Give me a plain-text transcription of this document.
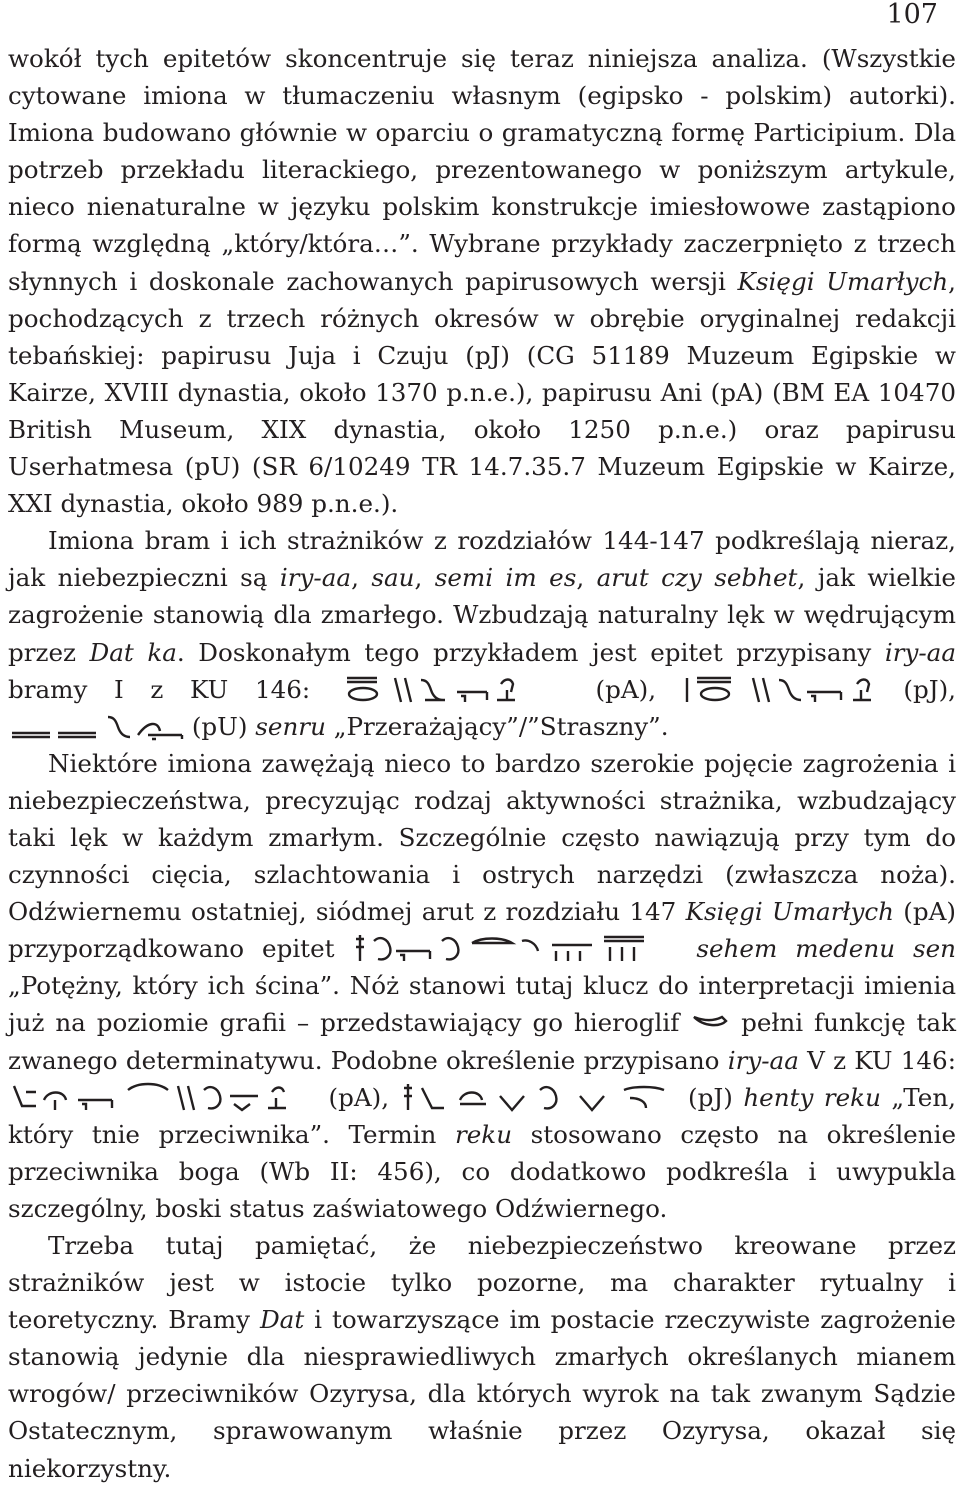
107

wokół tych epitetów skoncentruje się teraz niniejsza analiza. (Wszystkie cytowane imiona w tłumaczeniu własnym (egipsko - polskim) autorki). Imiona budowano głównie w oparciu o gramatyczną formę Participium. Dla potrzeb przekładu literackiego, prezentowanego w poniższym artykule, nieco nienaturalne w języku polskim konstrukcje imiesłowowe zastąpiono formą względną „który/która…”. Wybrane przykłady zaczerpnięto z trzech słynnych i doskonale zachowanych papirusowych wersji Księgi Umarłych, pochodzących z trzech różnych okresów w obrębie oryginalnej redakcji tebańskiej: papirusu Juja i Czuju (pJ) (CG 51189 Muzeum Egipskie w Kairze, XVIII dynastia, około 1370 p.n.e.), papirusu Ani (pA) (BM EA 10470 British Museum, XIX dynastia, około 1250 p.n.e.) oraz papirusu Userhatmesa (pU) (SR 6/10249 TR 14.7.35.7 Muzeum Egipskie w Kairze, XXI dynastia, około 989 p.n.e.).

Imiona bram i ich strażników z rozdziałów 144-147 podkreślają nieraz, jak niebezpieczni są iry-aa, sau, semi im es, arut czy sebhet, jak wielkie zagrożenie stanowią dla zmarłego. Wzbudzają naturalny lęk w wędrującym przez Dat ka. Doskonałym tego przykładem jest epitet przypisany iry-aa bramy I z KU 146:	(pA),	(pJ),
(pU) senru „Przerażający”/”Straszny”.

Niektóre imiona zawężają nieco to bardzo szerokie pojęcie zagrożenia i niebezpieczeństwa, precyzując rodzaj aktywności strażnika, wzbudzający taki lęk w każdym zmarłym. Szczególnie często nawiązują przy tym do czynności cięcia, szlachtowania i ostrych narzędzi (zwłaszcza noża). Odźwiernemu ostatniej, siódmej arut z rozdziału 147 Księgi Umarłych (pA) przyporządkowano epitet	sehem medenu sen „Potężny, który ich ścina”. Nóż stanowi tutaj klucz do interpretacji imienia już na poziomie grafii – przedstawiający go hieroglif
pełni funkcję tak zwanego determinatywu. Podobne określenie przypisano iry-aa V z KU 146:
(pA),	(pJ) henty reku „Ten, który tnie przeciwnika”. Termin reku stosowano często na określenie przeciwnika boga (Wb II: 456), co dodatkowo podkreśla i uwypukla szczególny, boski status zaświatowego Odźwiernego.

Trzeba tutaj pamiętać, że niebezpieczeństwo kreowane przez strażników jest w istocie tylko pozorne, ma charakter rytualny i teoretyczny. Bramy Dat i towarzyszące im postacie rzeczywiste zagrożenie stanowią jedynie dla niesprawiedliwych zmarłych określanych mianem wrogów/ przeciwników Ozyrysa, dla których wyrok na tak zwanym Sądzie Ostatecznym, sprawowanym właśnie przez Ozyrysa, okazał się niekorzystny.
